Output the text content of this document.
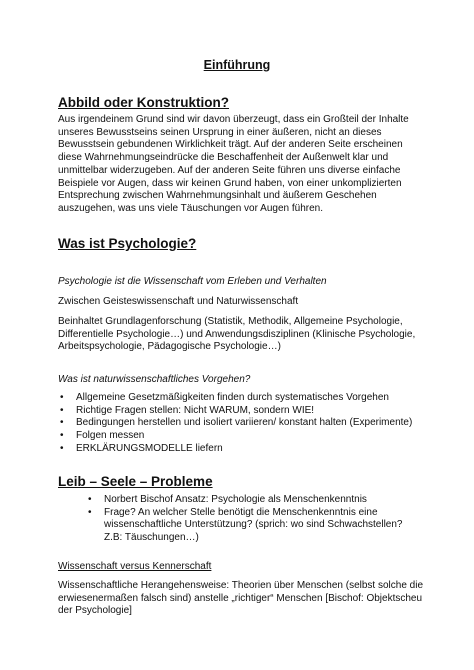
Einführung
Abbild oder Konstruktion?

Aus irgendeinem Grund sind wir davon überzeugt, dass ein Großteil der Inhalte unseres Bewusstseins seinen Ursprung in einer äußeren, nicht an dieses Bewusstsein gebundenen Wirklichkeit trägt. Auf der anderen Seite erscheinen diese Wahrnehmungseindrücke die Beschaffenheit der Außenwelt klar und unmittelbar widerzugeben. Auf der anderen Seite führen uns diverse einfache Beispiele vor Augen, dass wir keinen Grund haben, von einer unkomplizierten Entsprechung zwischen Wahrnehmungsinhalt und äußerem Geschehen auszugehen, was uns viele Täuschungen vor Augen führen.

Was ist Psychologie?

Psychologie ist die Wissenschaft vom Erleben und Verhalten

Zwischen Geisteswissenschaft und Naturwissenschaft

Beinhaltet Grundlagenforschung (Statistik, Methodik, Allgemeine Psychologie, Differentielle Psychologie…) und Anwendungsdisziplinen (Klinische Psychologie, Arbeitspsychologie, Pädagogische Psychologie…)

Was ist naturwissenschaftliches Vorgehen?

• Allgemeine Gesetzmäßigkeiten finden durch systematisches Vorgehen
• Richtige Fragen stellen: Nicht WARUM, sondern WIE!
• Bedingungen herstellen und isoliert variieren/ konstant halten (Experimente)
• Folgen messen
• ERKLÄRUNGSMODELLE liefern
Leib – Seele – Probleme
• Norbert Bischof Ansatz: Psychologie als Menschenkenntnis
• Frage? An welcher Stelle benötigt die Menschenkenntnis eine wissenschaftliche Unterstützung? (sprich: wo sind Schwachstellen? Z.B: Täuschungen…)

Wissenschaft versus Kennerschaft

Wissenschaftliche Herangehensweise: Theorien über Menschen (selbst solche die erwiesenermaßen falsch sind) anstelle „richtiger“ Menschen [Bischof: Objektscheu der Psychologie]
